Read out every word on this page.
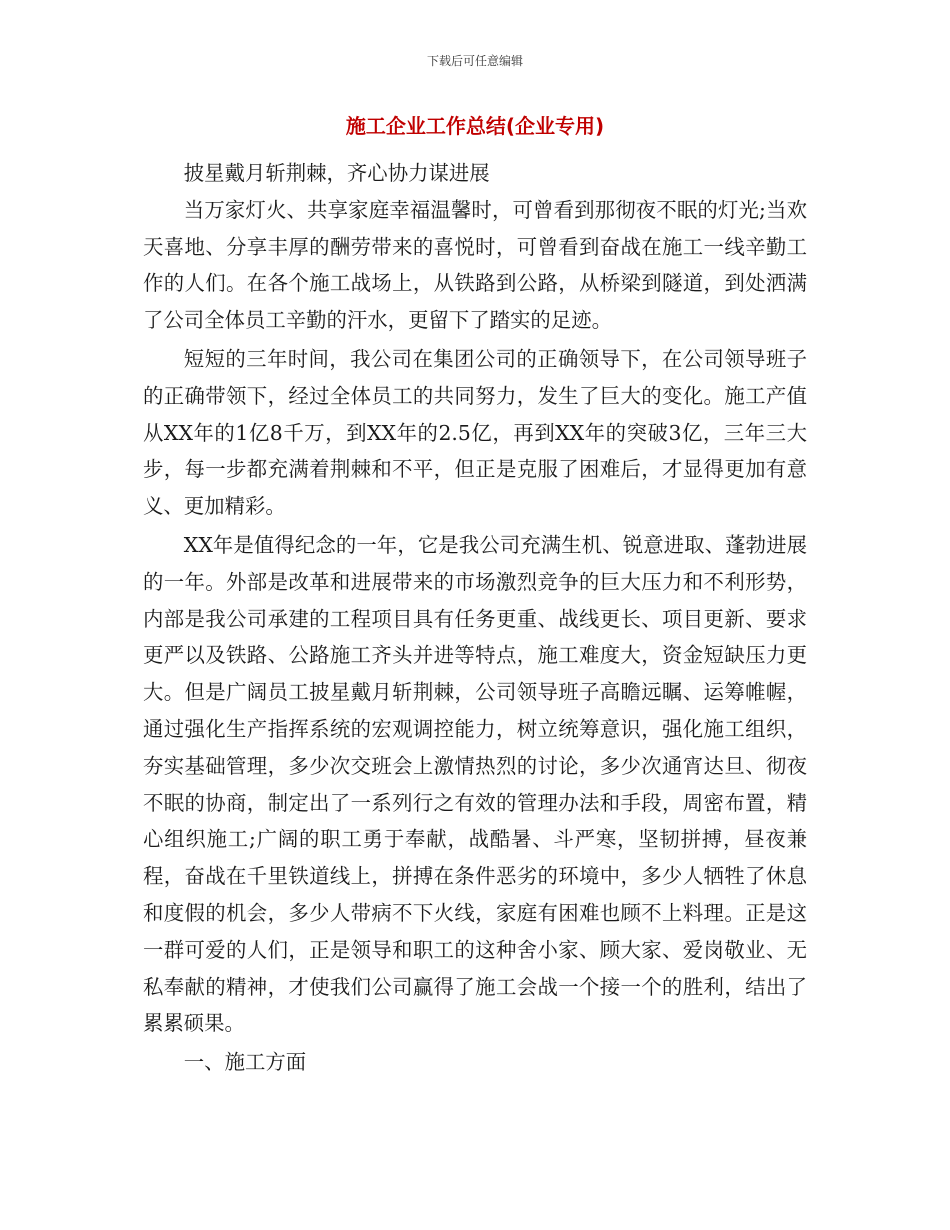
下载后可任意编辑
施工企业工作总结(企业专用)

披星戴月斩荆棘，齐心协力谋进展

当万家灯火、共享家庭幸福温馨时，可曾看到那彻夜不眠的灯光;当欢天喜地、分享丰厚的酬劳带来的喜悦时，可曾看到奋战在施工一线辛勤工作的人们。在各个施工战场上，从铁路到公路，从桥梁到隧道，到处洒满了公司全体员工辛勤的汗水，更留下了踏实的足迹。

短短的三年时间，我公司在集团公司的正确领导下，在公司领导班子的正确带领下，经过全体员工的共同努力，发生了巨大的变化。施工产值从XX年的1亿8千万，到XX年的2.5亿，再到XX年的突破3亿，三年三大步，每一步都充满着荆棘和不平，但正是克服了困难后，才显得更加有意义、更加精彩。

XX年是值得纪念的一年，它是我公司充满生机、锐意进取、蓬勃进展的一年。外部是改革和进展带来的市场激烈竞争的巨大压力和不利形势，内部是我公司承建的工程项目具有任务更重、战线更长、项目更新、要求更严以及铁路、公路施工齐头并进等特点，施工难度大，资金短缺压力更大。但是广阔员工披星戴月斩荆棘，公司领导班子高瞻远瞩、运筹帷幄，通过强化生产指挥系统的宏观调控能力，树立统筹意识，强化施工组织，夯实基础管理，多少次交班会上激情热烈的讨论，多少次通宵达旦、彻夜不眠的协商，制定出了一系列行之有效的管理办法和手段，周密布置，精心组织施工;广阔的职工勇于奉献，战酷暑、斗严寒，坚韧拼搏，昼夜兼程，奋战在千里铁道线上，拼搏在条件恶劣的环境中，多少人牺牲了休息和度假的机会，多少人带病不下火线，家庭有困难也顾不上料理。正是这一群可爱的人们，正是领导和职工的这种舍小家、顾大家、爱岗敬业、无私奉献的精神，才使我们公司赢得了施工会战一个接一个的胜利，结出了累累硕果。

一、施工方面
